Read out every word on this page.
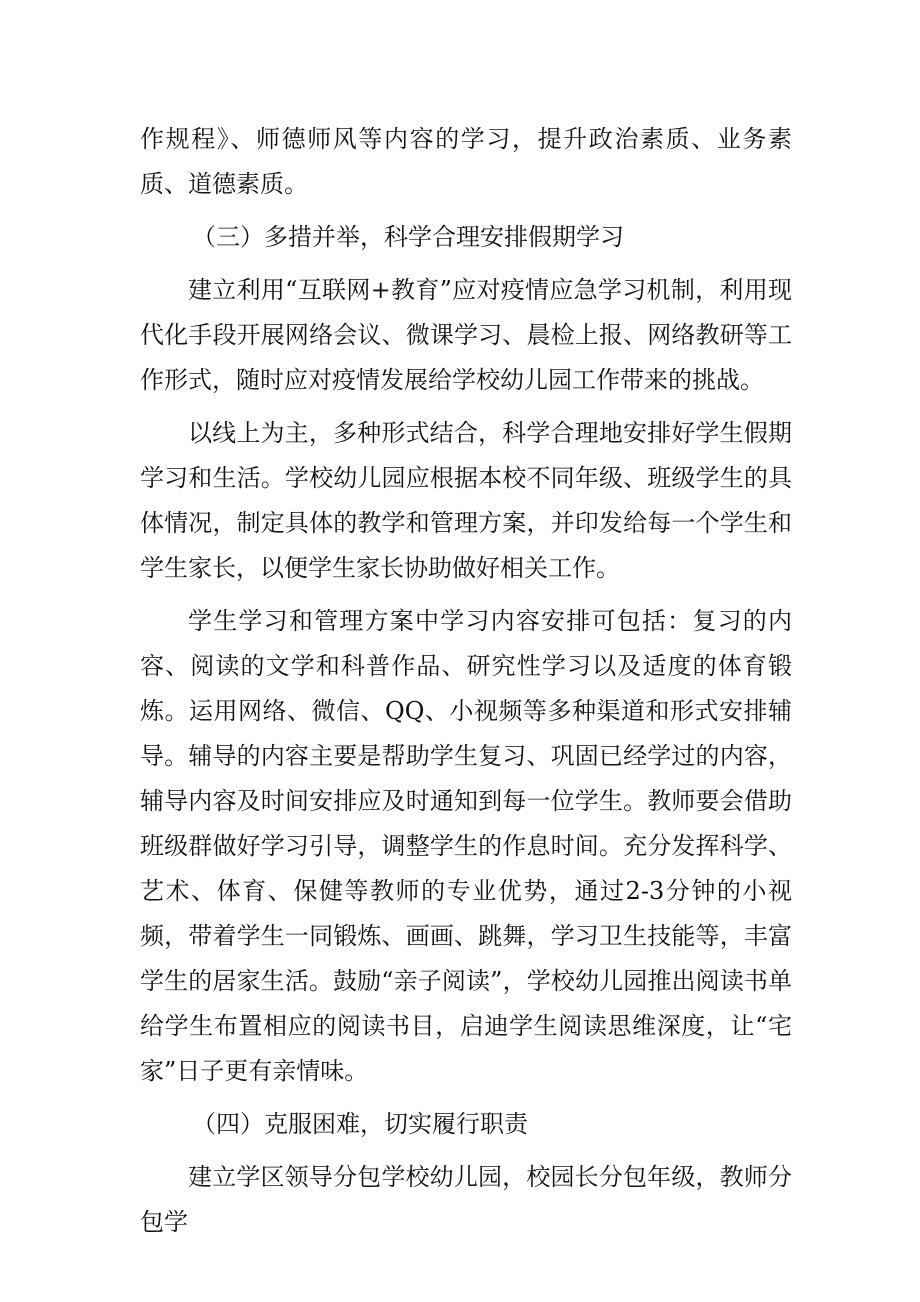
作规程》、师德师风等内容的学习，提升政治素质、业务素质、道德素质。

（三）多措并举，科学合理安排假期学习

建立利用“互联网+教育”应对疫情应急学习机制，利用现代化手段开展网络会议、微课学习、晨检上报、网络教研等工作形式，随时应对疫情发展给学校幼儿园工作带来的挑战。

以线上为主，多种形式结合，科学合理地安排好学生假期学习和生活。学校幼儿园应根据本校不同年级、班级学生的具体情况，制定具体的教学和管理方案，并印发给每一个学生和学生家长，以便学生家长协助做好相关工作。

学生学习和管理方案中学习内容安排可包括：复习的内容、阅读的文学和科普作品、研究性学习以及适度的体育锻炼。运用网络、微信、QQ、小视频等多种渠道和形式安排辅导。辅导的内容主要是帮助学生复习、巩固已经学过的内容，辅导内容及时间安排应及时通知到每一位学生。教师要会借助班级群做好学习引导，调整学生的作息时间。充分发挥科学、艺术、体育、保健等教师的专业优势，通过2-3分钟的小视频，带着学生一同锻炼、画画、跳舞，学习卫生技能等，丰富学生的居家生活。鼓励“亲子阅读”，学校幼儿园推出阅读书单给学生布置相应的阅读书目，启迪学生阅读思维深度，让“宅家”日子更有亲情味。

（四）克服困难，切实履行职责

建立学区领导分包学校幼儿园，校园长分包年级，教师分包学
